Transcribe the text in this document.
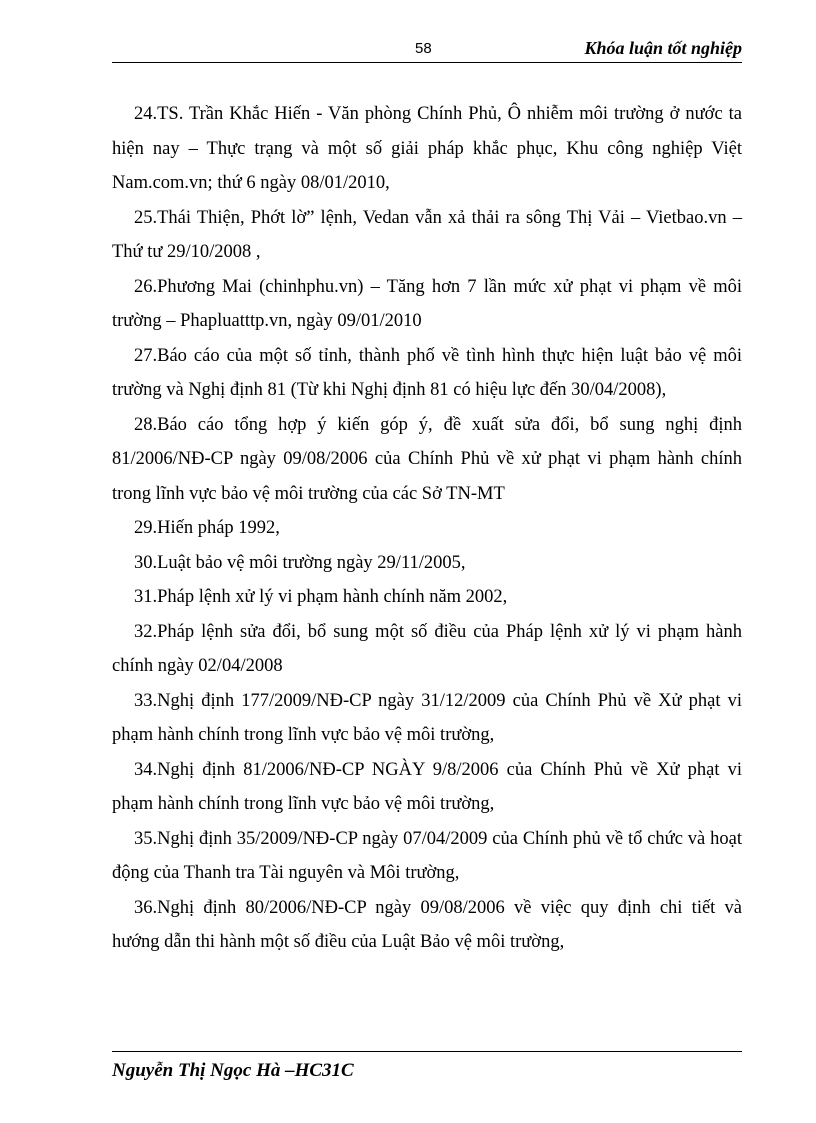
58	Khóa luận tốt nghiệp

24.TS. Trần Khắc Hiến - Văn phòng Chính Phủ, Ô nhiễm môi trường ở nước ta hiện nay – Thực trạng và một số giải pháp khắc phục, Khu công nghiệp Việt Nam.com.vn; thứ 6 ngày 08/01/2010,

25.Thái Thiện, Phớt lờ” lệnh, Vedan vẫn xả thải ra sông Thị Vải – Vietbao.vn – Thứ tư 29/10/2008 ,

26.Phương Mai (chinhphu.vn) – Tăng hơn 7 lần mức xử phạt vi phạm về môi trường – Phapluatttp.vn, ngày 09/01/2010

27.Báo cáo của một số tỉnh, thành phố về tình hình thực hiện luật bảo vệ môi trường và Nghị định 81 (Từ khi Nghị định 81 có hiệu lực đến 30/04/2008),

28.Báo cáo tổng hợp ý kiến góp ý, đề xuất sửa đổi, bổ sung nghị định 81/2006/NĐ-CP ngày 09/08/2006 của Chính Phủ về xử phạt vi phạm hành chính trong lĩnh vực bảo vệ môi trường của các Sở TN-MT

29.Hiến pháp 1992,

30.Luật bảo vệ môi trường ngày 29/11/2005,

31.Pháp lệnh xử lý vi phạm hành chính năm 2002,

32.Pháp lệnh sửa đổi, bổ sung một số điều của Pháp lệnh xử lý vi phạm hành chính ngày 02/04/2008

33.Nghị định 177/2009/NĐ-CP ngày 31/12/2009 của Chính Phủ về Xử phạt vi phạm hành chính trong lĩnh vực bảo vệ môi trường,

34.Nghị định 81/2006/NĐ-CP NGÀY 9/8/2006 của Chính Phủ về Xử phạt vi phạm hành chính trong lĩnh vực bảo vệ môi trường,

35.Nghị định 35/2009/NĐ-CP ngày 07/04/2009 của Chính phủ về tổ chức và hoạt động của Thanh tra Tài nguyên và Môi trường,

36.Nghị định 80/2006/NĐ-CP ngày 09/08/2006 về việc quy định chi tiết và hướng dẫn thi hành một số điều của Luật Bảo vệ môi trường,

Nguyễn Thị Ngọc Hà –HC31C
